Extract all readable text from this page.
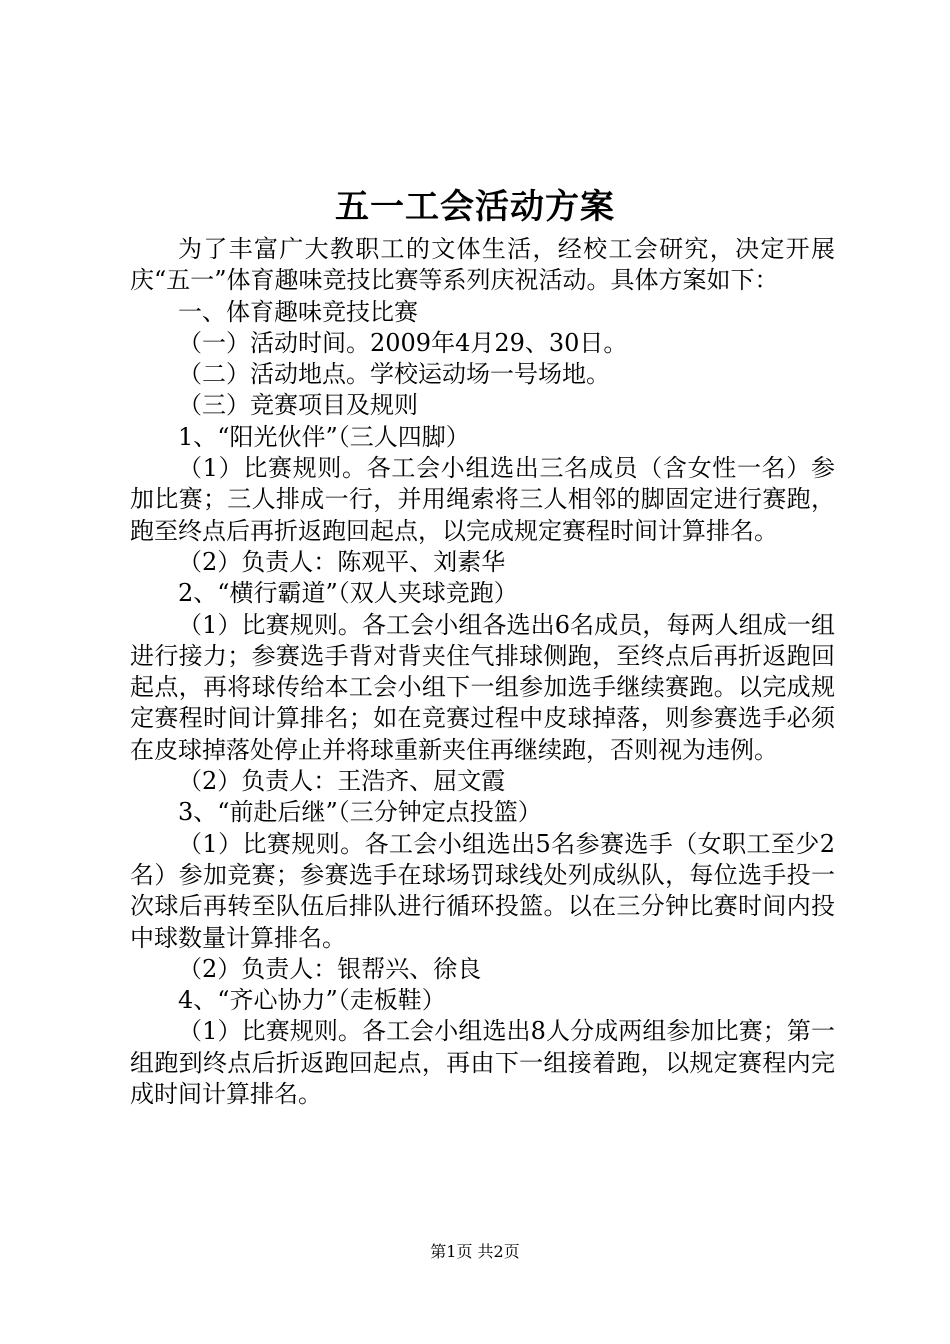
五一工会活动方案

为了丰富广大教职工的文体生活，经校工会研究，决定开展庆“五一”体育趣味竞技比赛等系列庆祝活动。具体方案如下：

一、体育趣味竞技比赛

（一）活动时间。2009年4月29、30日。

（二）活动地点。学校运动场一号场地。

（三）竞赛项目及规则

1、“阳光伙伴”（三人四脚）

（1）比赛规则。各工会小组选出三名成员（含女性一名）参加比赛；三人排成一行，并用绳索将三人相邻的脚固定进行赛跑，跑至终点后再折返跑回起点，以完成规定赛程时间计算排名。

（2）负责人：陈观平、刘素华

2、“横行霸道”（双人夹球竞跑）

（1）比赛规则。各工会小组各选出6名成员，每两人组成一组进行接力；参赛选手背对背夹住气排球侧跑，至终点后再折返跑回起点，再将球传给本工会小组下一组参加选手继续赛跑。以完成规定赛程时间计算排名；如在竞赛过程中皮球掉落，则参赛选手必须在皮球掉落处停止并将球重新夹住再继续跑，否则视为违例。

（2）负责人：王浩齐、屈文霞

3、“前赴后继”（三分钟定点投篮）

（1）比赛规则。各工会小组选出5名参赛选手（女职工至少2名）参加竞赛；参赛选手在球场罚球线处列成纵队，每位选手投一次球后再转至队伍后排队进行循环投篮。以在三分钟比赛时间内投中球数量计算排名。

（2）负责人：银帮兴、徐良

4、“齐心协力”（走板鞋）

（1）比赛规则。各工会小组选出8人分成两组参加比赛；第一组跑到终点后折返跑回起点，再由下一组接着跑，以规定赛程内完成时间计算排名。

第1页 共2页
